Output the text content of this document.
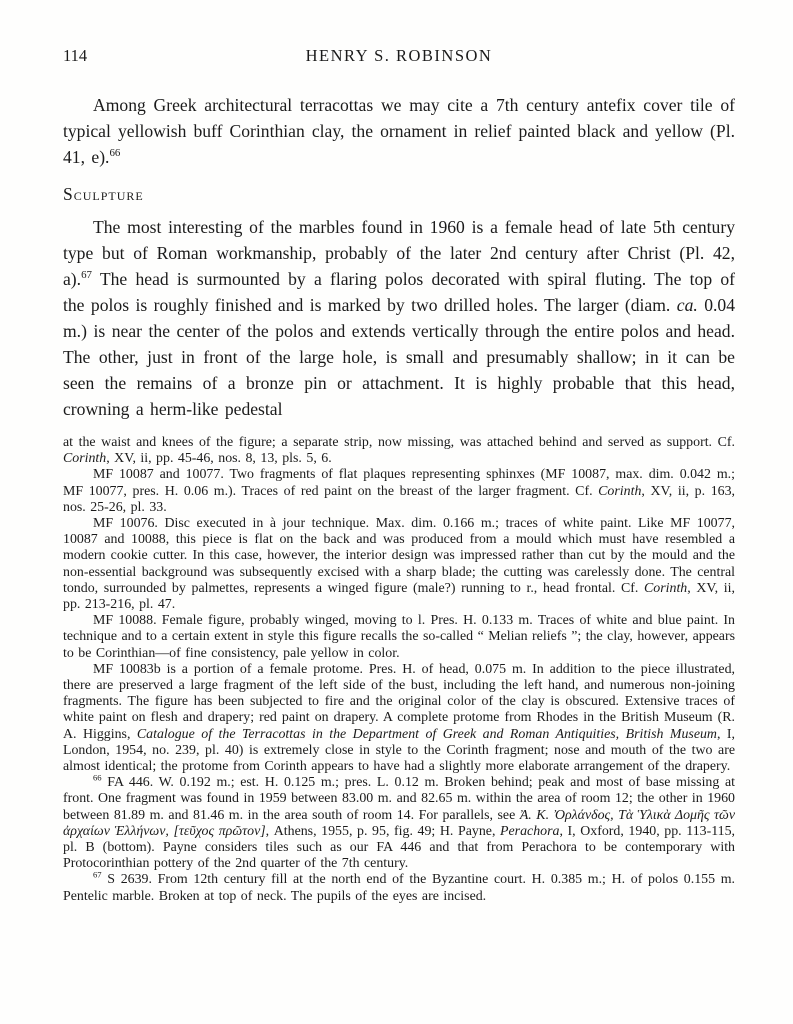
114	HENRY S. ROBINSON

Among Greek architectural terracottas we may cite a 7th century antefix cover tile of typical yellowish buff Corinthian clay, the ornament in relief painted black and yellow (Pl. 41, e).$^{66}$

Sculpture

The most interesting of the marbles found in 1960 is a female head of late 5th century type but of Roman workmanship, probably of the later 2nd century after Christ (Pl. 42, a).$^{67}$ The head is surmounted by a flaring polos decorated with spiral fluting. The top of the polos is roughly finished and is marked by two drilled holes. The larger (diam. ca. 0.04 m.) is near the center of the polos and extends vertically through the entire polos and head. The other, just in front of the large hole, is small and presumably shallow; in it can be seen the remains of a bronze pin or attachment. It is highly probable that this head, crowning a herm-like pedestal

at the waist and knees of the figure; a separate strip, now missing, was attached behind and served as support. Cf. Corinth, XV, ii, pp. 45-46, nos. 8, 13, pls. 5, 6.

MF 10087 and 10077. Two fragments of flat plaques representing sphinxes (MF 10087, max. dim. 0.042 m.; MF 10077, pres. H. 0.06 m.). Traces of red paint on the breast of the larger fragment. Cf. Corinth, XV, ii, p. 163, nos. 25-26, pl. 33.

MF 10076. Disc executed in à jour technique. Max. dim. 0.166 m.; traces of white paint. Like MF 10077, 10087 and 10088, this piece is flat on the back and was produced from a mould which must have resembled a modern cookie cutter. In this case, however, the interior design was impressed rather than cut by the mould and the non-essential background was subsequently excised with a sharp blade; the cutting was carelessly done. The central tondo, surrounded by palmettes, represents a winged figure (male?) running to r., head frontal. Cf. Corinth, XV, ii, pp. 213-216, pl. 47.

MF 10088. Female figure, probably winged, moving to l. Pres. H. 0.133 m. Traces of white and blue paint. In technique and to a certain extent in style this figure recalls the so-called “ Melian reliefs ”; the clay, however, appears to be Corinthian—of fine consistency, pale yellow in color.

MF 10083b is a portion of a female protome. Pres. H. of head, 0.075 m. In addition to the piece illustrated, there are preserved a large fragment of the left side of the bust, including the left hand, and numerous non-joining fragments. The figure has been subjected to fire and the original color of the clay is obscured. Extensive traces of white paint on flesh and drapery; red paint on drapery. A complete protome from Rhodes in the British Museum (R. A. Higgins, Catalogue of the Terracottas in the Department of Greek and Roman Antiquities, British Museum, I, London, 1954, no. 239, pl. 40) is extremely close in style to the Corinth fragment; nose and mouth of the two are almost identical; the protome from Corinth appears to have had a slightly more elaborate arrangement of the drapery.

$^{66}$ FA 446. W. 0.192 m.; est. H. 0.125 m.; pres. L. 0.12 m. Broken behind; peak and most of base missing at front. One fragment was found in 1959 between 83.00 m. and 82.65 m. within the area of room 12; the other in 1960 between 81.89 m. and 81.46 m. in the area south of room 14. For parallels, see Ἀ. Κ. Ὀρλάνδος, Τὰ Ὑλικὰ Δομῆς τῶν ἀρχαίων Ἑλλήνων, [τεῦχος πρῶτον], Athens, 1955, p. 95, fig. 49; H. Payne, Perachora, I, Oxford, 1940, pp. 113-115, pl. B (bottom). Payne considers tiles such as our FA 446 and that from Perachora to be contemporary with Protocorinthian pottery of the 2nd quarter of the 7th century.

$^{67}$ S 2639. From 12th century fill at the north end of the Byzantine court. H. 0.385 m.; H. of polos 0.155 m. Pentelic marble. Broken at top of neck. The pupils of the eyes are incised.
